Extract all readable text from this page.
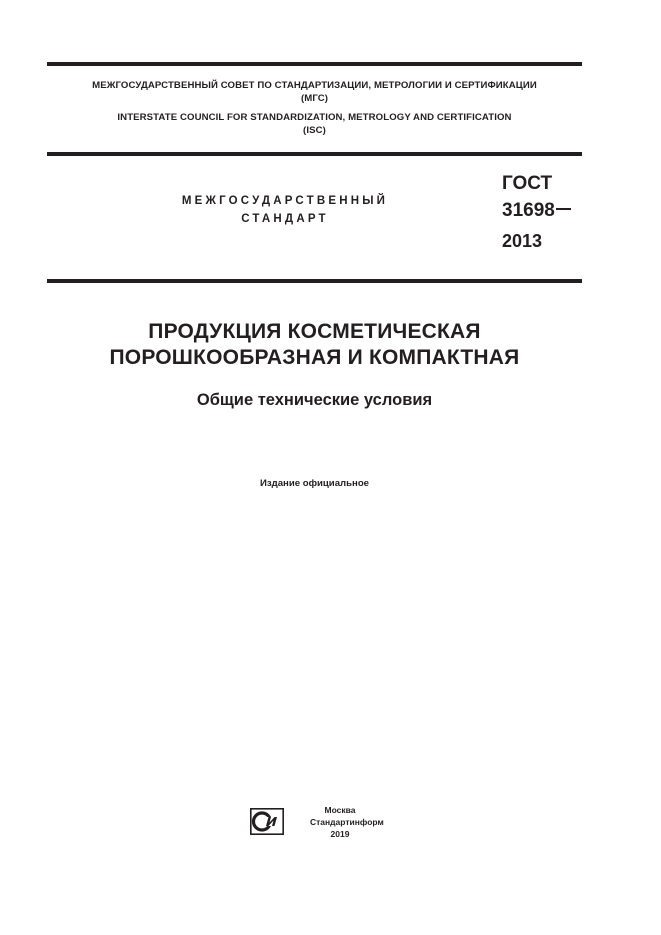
МЕЖГОСУДАРСТВЕННЫЙ СОВЕТ ПО СТАНДАРТИЗАЦИИ, МЕТРОЛОГИИ И СЕРТИФИКАЦИИ
(МГС)
INTERSTATE COUNCIL FOR STANDARDIZATION, METROLOGY AND CERTIFICATION
(ISC)
МЕЖГОСУДАРСТВЕННЫЙ
СТАНДАРТ
ГОСТ
31698
2013
ПРОДУКЦИЯ КОСМЕТИЧЕСКАЯ
ПОРОШКООБРАЗНАЯ И КОМПАКТНАЯ
Общие технические условия
Издание официальное
Москва
Стандартинформ
2019
